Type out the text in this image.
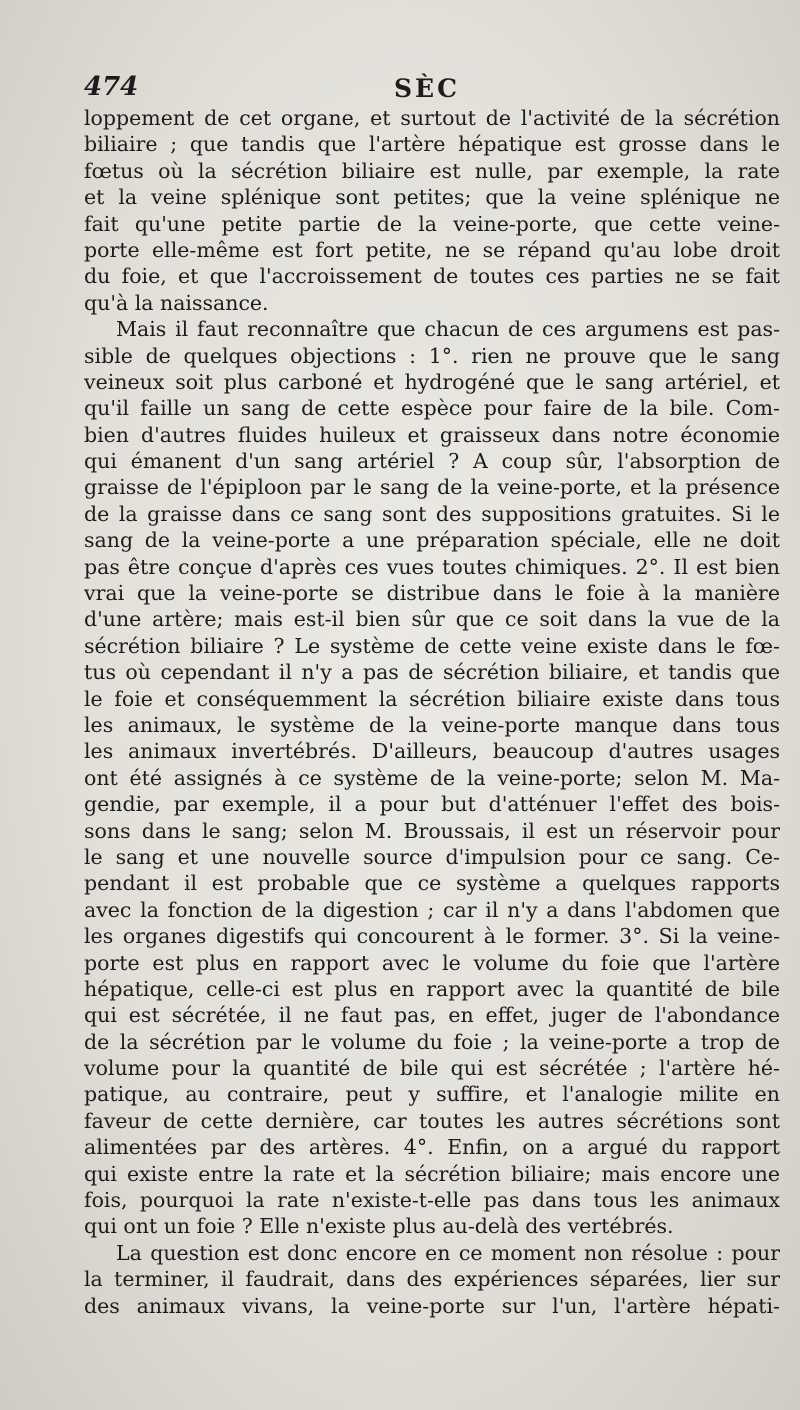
474	SÈC
loppement de cet organe, et surtout de l'activité de la sécrétion
biliaire ; que tandis que l'artère hépatique est grosse dans le
fœtus où la sécrétion biliaire est nulle, par exemple, la rate
et la veine splénique sont petites; que la veine splénique ne
fait qu'une petite partie de la veine-porte, que cette veine-
porte elle-même est fort petite, ne se répand qu'au lobe droit
du foie, et que l'accroissement de toutes ces parties ne se fait
qu'à la naissance.
Mais il faut reconnaître que chacun de ces argumens est pas-
sible de quelques objections : 1°. rien ne prouve que le sang
veineux soit plus carboné et hydrogéné que le sang artériel, et
qu'il faille un sang de cette espèce pour faire de la bile. Com-
bien d'autres fluides huileux et graisseux dans notre économie
qui émanent d'un sang artériel ? A coup sûr, l'absorption de
graisse de l'épiploon par le sang de la veine-porte, et la présence
de la graisse dans ce sang sont des suppositions gratuites. Si le
sang de la veine-porte a une préparation spéciale, elle ne doit
pas être conçue d'après ces vues toutes chimiques. 2°. Il est bien
vrai que la veine-porte se distribue dans le foie à la manière
d'une artère; mais est-il bien sûr que ce soit dans la vue de la
sécrétion biliaire ? Le système de cette veine existe dans le fœ-
tus où cependant il n'y a pas de sécrétion biliaire, et tandis que
le foie et conséquemment la sécrétion biliaire existe dans tous
les animaux, le système de la veine-porte manque dans tous
les animaux invertébrés. D'ailleurs, beaucoup d'autres usages
ont été assignés à ce système de la veine-porte; selon M. Ma-
gendie, par exemple, il a pour but d'atténuer l'effet des bois-
sons dans le sang; selon M. Broussais, il est un réservoir pour
le sang et une nouvelle source d'impulsion pour ce sang. Ce-
pendant il est probable que ce système a quelques rapports
avec la fonction de la digestion ; car il n'y a dans l'abdomen que
les organes digestifs qui concourent à le former. 3°. Si la veine-
porte est plus en rapport avec le volume du foie que l'artère
hépatique, celle-ci est plus en rapport avec la quantité de bile
qui est sécrétée, il ne faut pas, en effet, juger de l'abondance
de la sécrétion par le volume du foie ; la veine-porte a trop de
volume pour la quantité de bile qui est sécrétée ; l'artère hé-
patique, au contraire, peut y suffire, et l'analogie milite en
faveur de cette dernière, car toutes les autres sécrétions sont
alimentées par des artères. 4°. Enfin, on a argué du rapport
qui existe entre la rate et la sécrétion biliaire; mais encore une
fois, pourquoi la rate n'existe-t-elle pas dans tous les animaux
qui ont un foie ? Elle n'existe plus au-delà des vertébrés.
La question est donc encore en ce moment non résolue : pour
la terminer, il faudrait, dans des expériences séparées, lier sur
des animaux vivans, la veine-porte sur l'un, l'artère hépati-
